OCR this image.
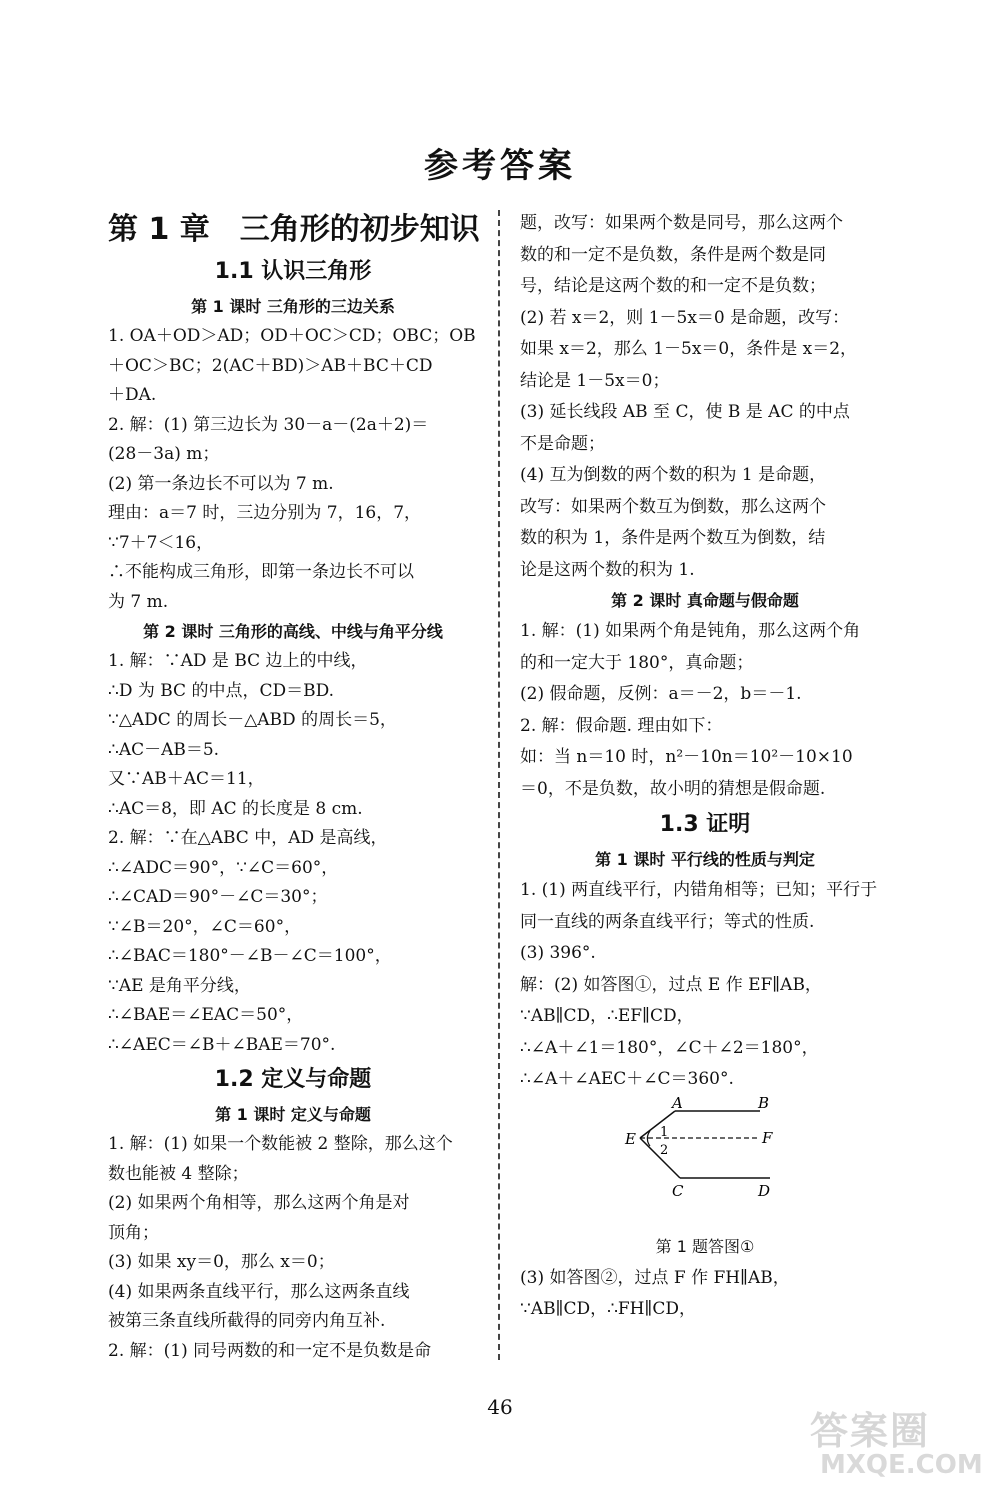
参考答案
第 1 章　三角形的初步知识
1.1 认识三角形
第 1 课时 三角形的三边关系
1. OA＋OD＞AD；OD＋OC＞CD；OBC；OB
＋OC＞BC；2(AC＋BD)＞AB＋BC＋CD
＋DA.
2. 解：(1) 第三边长为 30－a－(2a＋2)＝
(28－3a) m；
(2) 第一条边长不可以为 7 m.
理由：a＝7 时，三边分别为 7，16，7，
∵7＋7＜16，
∴不能构成三角形，即第一条边长不可以
为 7 m.
第 2 课时 三角形的高线、中线与角平分线
1. 解：∵AD 是 BC 边上的中线，
∴D 为 BC 的中点，CD＝BD.
∵△ADC 的周长－△ABD 的周长＝5，
∴AC－AB＝5.
又∵AB＋AC＝11，
∴AC＝8，即 AC 的长度是 8 cm.
2. 解：∵在△ABC 中，AD 是高线，
∴∠ADC＝90°，∵∠C＝60°，
∴∠CAD＝90°－∠C＝30°；
∵∠B＝20°，∠C＝60°，
∴∠BAC＝180°－∠B－∠C＝100°，
∵AE 是角平分线，
∴∠BAE＝∠EAC＝50°，
∴∠AEC＝∠B＋∠BAE＝70°.
1.2 定义与命题
第 1 课时 定义与命题
1. 解：(1) 如果一个数能被 2 整除，那么这个
数也能被 4 整除；
(2) 如果两个角相等，那么这两个角是对
顶角；
(3) 如果 xy＝0，那么 x＝0；
(4) 如果两条直线平行，那么这两条直线
被第三条直线所截得的同旁内角互补.
2. 解：(1) 同号两数的和一定不是负数是命
题，改写：如果两个数是同号，那么这两个
数的和一定不是负数，条件是两个数是同
号，结论是这两个数的和一定不是负数；
(2) 若 x＝2，则 1－5x＝0 是命题，改写：
如果 x＝2，那么 1－5x＝0，条件是 x＝2，
结论是 1－5x＝0；
(3) 延长线段 AB 至 C，使 B 是 AC 的中点
不是命题；
(4) 互为倒数的两个数的积为 1 是命题，
改写：如果两个数互为倒数，那么这两个
数的积为 1，条件是两个数互为倒数，结
论是这两个数的积为 1.
第 2 课时 真命题与假命题
1. 解：(1) 如果两个角是钝角，那么这两个角
的和一定大于 180°，真命题；
(2) 假命题，反例：a＝－2，b＝－1.
2. 解：假命题. 理由如下：
如：当 n＝10 时，n²－10n＝10²－10×10
＝0，不是负数，故小明的猜想是假命题.
1.3 证明
第 1 课时 平行线的性质与判定
1. (1) 两直线平行，内错角相等；已知；平行于
同一直线的两条直线平行；等式的性质.
(3) 396°.
解：(2) 如答图①，过点 E 作 EF∥AB，
∵AB∥CD，∴EF∥CD，
∴∠A＋∠1＝180°，∠C＋∠2＝180°，
∴∠A＋∠AEC＋∠C＝360°.
A	B
E	F
C	D
1
2
第 1 题答图①
(3) 如答图②，过点 F 作 FH∥AB，
∵AB∥CD，∴FH∥CD，
46
答案圈
MXQE.COM
